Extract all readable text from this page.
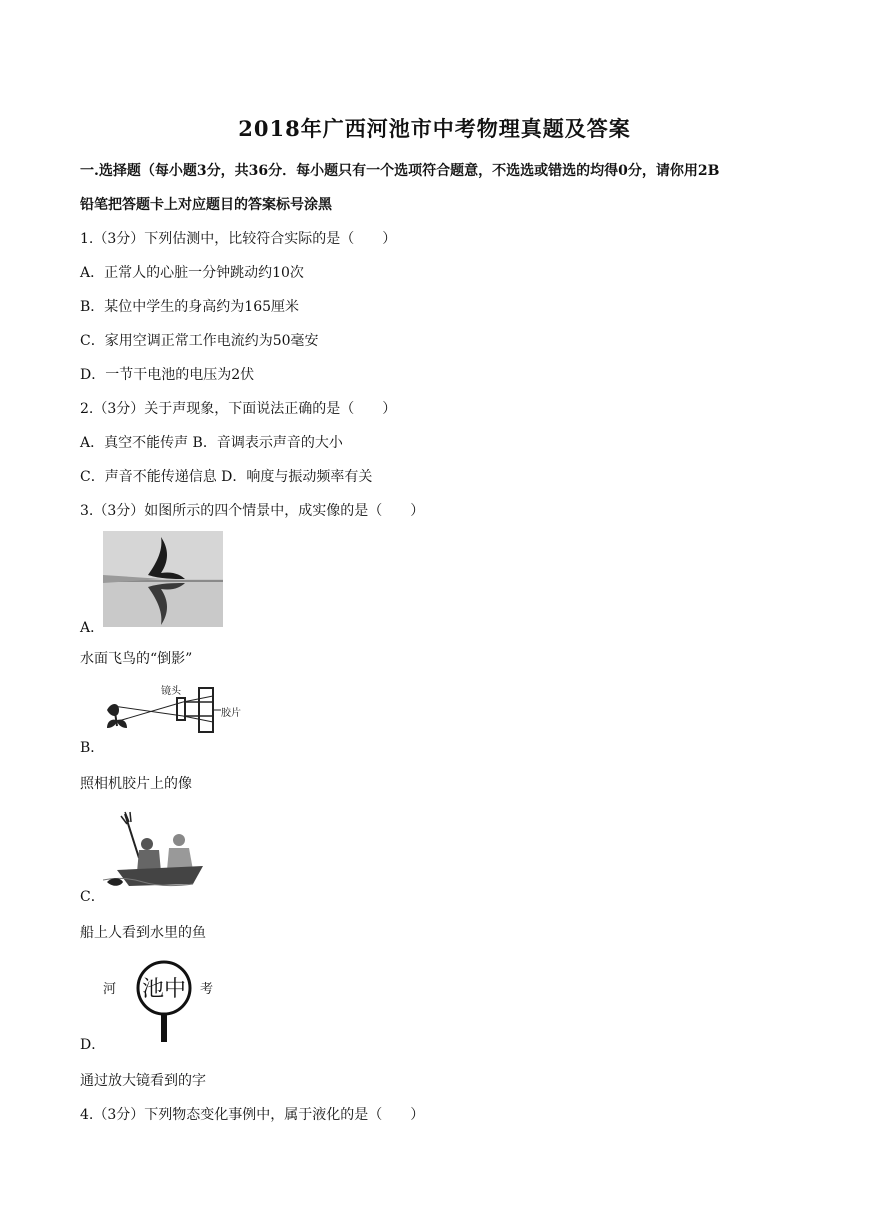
2018年广西河池市中考物理真题及答案
一.选择题（每小题3分，共36分．每小题只有一个选项符合题意，不选选或错选的均得0分，请你用2B
铅笔把答题卡上对应题目的答案标号涂黑
1.（3分）下列估测中，比较符合实际的是（　　）
A．正常人的心脏一分钟跳动约10次
B．某位中学生的身高约为165厘米
C．家用空调正常工作电流约为50毫安
D．一节干电池的电压为2伏
2.（3分）关于声现象，下面说法正确的是（　　）
A．真空不能传声 B．音调表示声音的大小
C．声音不能传递信息 D．响度与振动频率有关
3.（3分）如图所示的四个情景中，成实像的是（　　）
A．
水面飞鸟的“倒影”
镜头
胶片
B．
照相机胶片上的像
C．
船上人看到水里的鱼
河 池 中 考
D．
通过放大镜看到的字
4.（3分）下列物态变化事例中，属于液化的是（　　）
